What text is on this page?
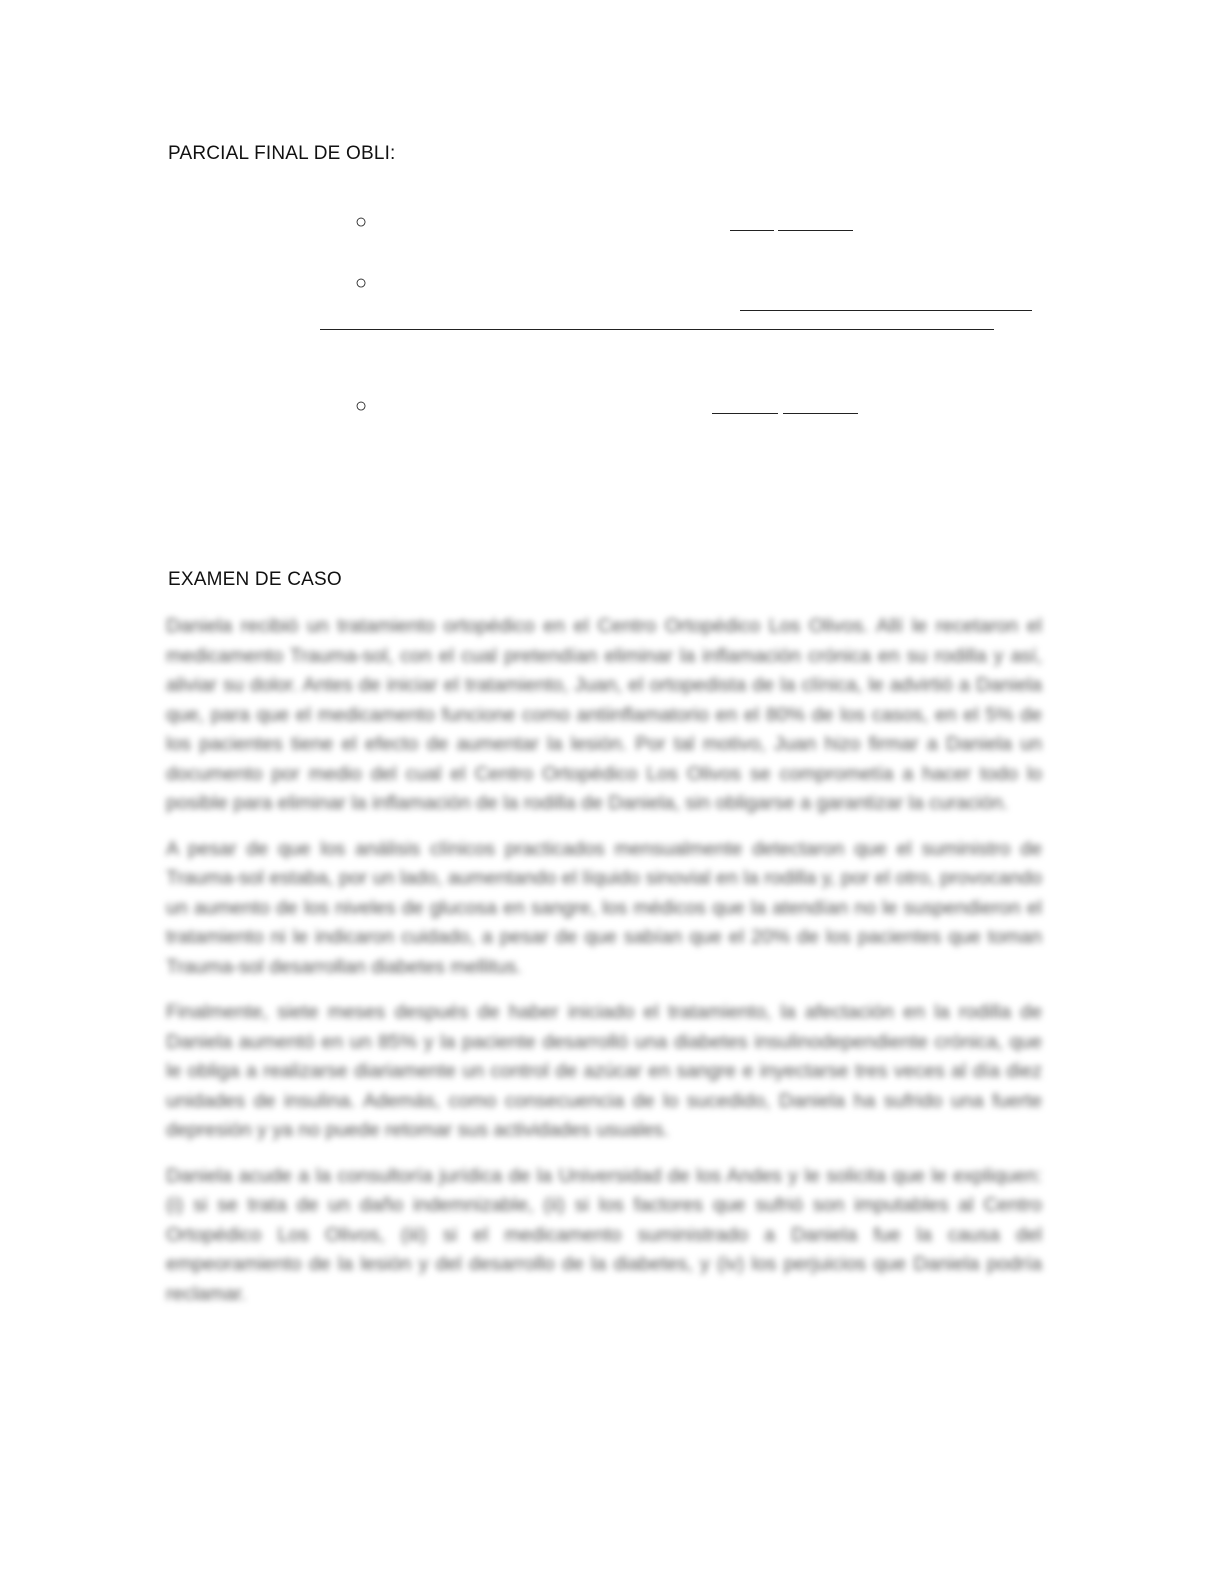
PARCIAL FINAL DE OBLI:
○
○
○
EXAMEN DE CASO

Daniela recibió un tratamiento ortopédico en el Centro Ortopédico Los Olivos. Allí le recetaron el medicamento Trauma-sol, con el cual pretendían eliminar la inflamación crónica en su rodilla y así, aliviar su dolor. Antes de iniciar el tratamiento, Juan, el ortopedista de la clínica, le advirtió a Daniela que, para que el medicamento funcione como antiinflamatorio en el 80% de los casos, en el 5% de los pacientes tiene el efecto de aumentar la lesión. Por tal motivo, Juan hizo firmar a Daniela un documento por medio del cual el Centro Ortopédico Los Olivos se comprometía a hacer todo lo posible para eliminar la inflamación de la rodilla de Daniela, sin obligarse a garantizar la curación.

A pesar de que los análisis clínicos practicados mensualmente detectaron que el suministro de Trauma-sol estaba, por un lado, aumentando el líquido sinovial en la rodilla y, por el otro, provocando un aumento de los niveles de glucosa en sangre, los médicos que la atendían no le suspendieron el tratamiento ni le indicaron cuidado, a pesar de que sabían que el 20% de los pacientes que toman Trauma-sol desarrollan diabetes mellitus.

Finalmente, siete meses después de haber iniciado el tratamiento, la afectación en la rodilla de Daniela aumentó en un 85% y la paciente desarrolló una diabetes insulinodependiente crónica, que le obliga a realizarse diariamente un control de azúcar en sangre e inyectarse tres veces al día diez unidades de insulina. Además, como consecuencia de lo sucedido, Daniela ha sufrido una fuerte depresión y ya no puede retomar sus actividades usuales.

Daniela acude a la consultoría jurídica de la Universidad de los Andes y le solicita que le expliquen: (i) si se trata de un daño indemnizable, (ii) si los factores que sufrió son imputables al Centro Ortopédico Los Olivos, (iii) si el medicamento suministrado a Daniela fue la causa del empeoramiento de la lesión y del desarrollo de la diabetes, y (iv) los perjuicios que Daniela podría reclamar.
